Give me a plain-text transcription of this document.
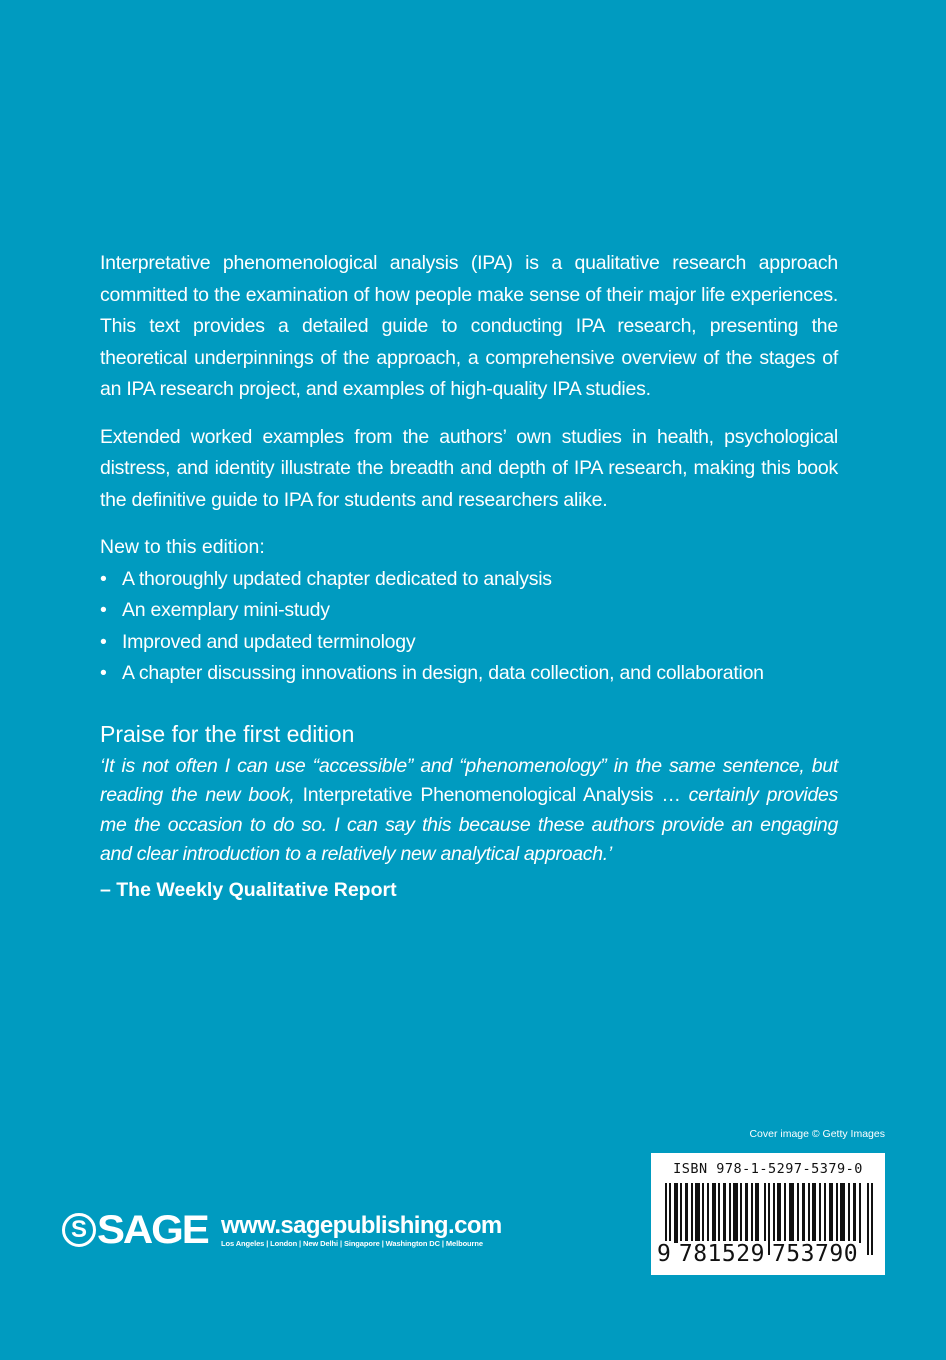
Interpretative phenomenological analysis (IPA) is a qualitative research approach committed to the examination of how people make sense of their major life experiences. This text provides a detailed guide to conducting IPA research, presenting the theoretical underpinnings of the approach, a comprehensive overview of the stages of an IPA research project, and examples of high-quality IPA studies.

Extended worked examples from the authors’ own studies in health, psychological distress, and identity illustrate the breadth and depth of IPA research, making this book the definitive guide to IPA for students and researchers alike.

New to this edition:

• A thoroughly updated chapter dedicated to analysis
• An exemplary mini-study
• Improved and updated terminology
• A chapter discussing innovations in design, data collection, and collaboration

Praise for the first edition

‘It is not often I can use “accessible” and “phenomenology” in the same sentence, but reading the new book, Interpretative Phenomenological Analysis … certainly provides me the occasion to do so. I can say this because these authors provide an engaging and clear introduction to a relatively new analytical approach.’

– The Weekly Qualitative Report

Cover image © Getty Images
ISBN 978-1-5297-5379-0
9 781529 753790
S SAGE www.sagepublishing.com
Los Angeles | London | New Delhi | Singapore | Washington DC | Melbourne
